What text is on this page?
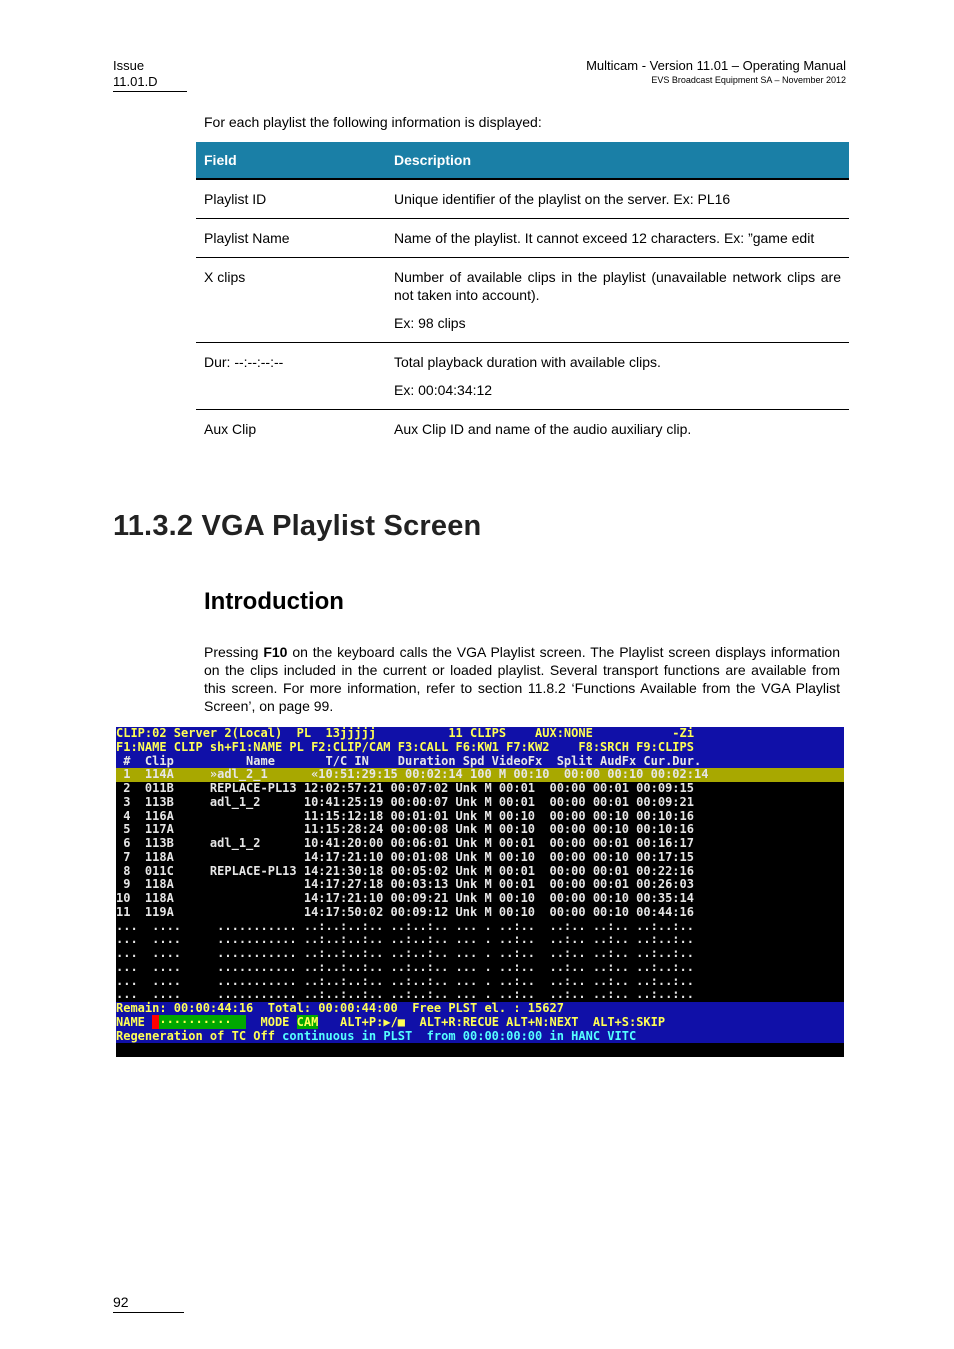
Issue
11.01.D
Multicam - Version 11.01 – Operating Manual
EVS Broadcast Equipment SA – November 2012
For each playlist the following information is displayed:
Field	Description
Playlist ID	Unique identifier of the playlist on the server. Ex: PL16

Playlist Name	Name of the playlist. It cannot exceed 12 characters. Ex: ”game edit

X clips	Number of available clips in the playlist (unavailable network clips are not taken into account).

Ex: 98 clips

Dur: --:--:--:--	Total playback duration with available clips.

Ex: 00:04:34:12

Aux Clip	Aux Clip ID and name of the audio auxiliary clip.

11.3.2 VGA Playlist Screen
Introduction
Pressing F10 on the keyboard calls the VGA Playlist screen. The Playlist screen displays information on the clips included in the current or loaded playlist. Several transport functions are available from this screen. For more information, refer to section 11.8.2 ‘Functions Available from the VGA Playlist Screen’, on page 99.
CLIP:02 Server 2(Local)  PL  13jjjjj          11 CLIPS    AUX:NONE           -Zi
F1:NAME CLIP sh+F1:NAME PL F2:CLIP/CAM F3:CALL F6:KW1 F7:KW2    F8:SRCH F9:CLIPS
#  Clip          Name       T/C IN    Duration Spd VideoFx  Split AudFx Cur.Dur.
1  114A     »adl_2_1      «10:51:29:15 00:02:14 100 M 00:10  00:00 00:10 00:02:14
2  011B     REPLACE-PL13 12:02:57:21 00:07:02 Unk M 00:01  00:00 00:01 00:09:15
3  113B     adl_1_2      10:41:25:19 00:00:07 Unk M 00:01  00:00 00:01 00:09:21
4  116A                  11:15:12:18 00:01:01 Unk M 00:10  00:00 00:10 00:10:16
5  117A                  11:15:28:24 00:00:08 Unk M 00:10  00:00 00:10 00:10:16
6  113B     adl_1_2      10:41:20:00 00:06:01 Unk M 00:01  00:00 00:01 00:16:17
7  118A                  14:17:21:10 00:01:08 Unk M 00:10  00:00 00:10 00:17:15
8  011C     REPLACE-PL13 14:21:30:18 00:05:02 Unk M 00:01  00:00 00:01 00:22:16
9  118A                  14:17:27:18 00:03:13 Unk M 00:01  00:00 00:01 00:26:03
10  118A                  14:17:21:10 00:09:21 Unk M 00:10  00:00 00:10 00:35:14
11  119A                  14:17:50:02 00:09:12 Unk M 00:10  00:00 00:10 00:44:16
...  ....     ........... ..:..:..:.. ..:..:.. ... . ..:..  ..:.. ..:.. ..:..:..
...  ....     ........... ..:..:..:.. ..:..:.. ... . ..:..  ..:.. ..:.. ..:..:..
...  ....     ........... ..:..:..:.. ..:..:.. ... . ..:..  ..:.. ..:.. ..:..:..
...  ....     ........... ..:..:..:.. ..:..:.. ... . ..:..  ..:.. ..:.. ..:..:..
...  ....     ........... ..:..:..:.. ..:..:.. ... . ..:..  ..:.. ..:.. ..:..:..
...  ....     ........... ..:..:..:.. ..:..:.. ... . ..:..  ..:.. ..:.. ..:..:..
Remain: 00:00:44:16  Total: 00:00:44:00  Free PLST el. : 15627
NAME  ··········    MODE CAM   ALT+P:▶/■  ALT+R:RECUE ALT+N:NEXT  ALT+S:SKIP
Regeneration of TC Off continuous in PLST  from 00:00:00:00 in HANC VITC
92
